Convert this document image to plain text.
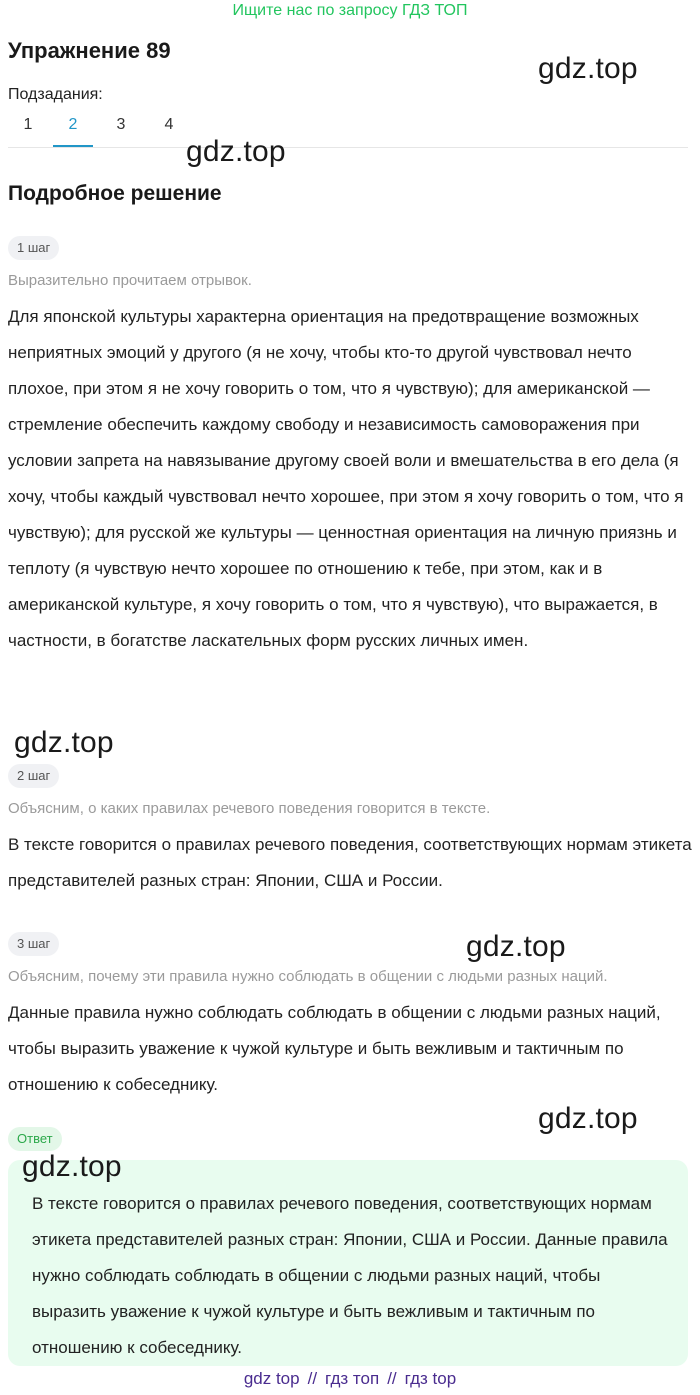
Ищите нас по запросу ГДЗ ТОП
Упражнение 89
gdz.top
Подзадания:
1	2	3	4
gdz.top
Подробное решение
1 шаг
Выразительно прочитаем отрывок.
Для японской культуры характерна ориентация на предотвращение возможных неприятных эмоций у другого (я не хочу, чтобы кто-то другой чувствовал нечто плохое, при этом я не хочу говорить о том, что я чувствую); для американской — стремление обеспечить каждому свободу и независимость самоворажения при условии запрета на навязывание другому своей воли и вмешательства в его дела (я хочу, чтобы каждый чувствовал нечто хорошее, при этом я хочу говорить о том, что я чувствую); для русской же культуры — ценностная ориентация на личную приязнь и теплоту (я чувствую нечто хорошее по отношению к тебе, при этом, как и в американской культуре, я хочу говорить о том, что я чувствую), что выражается, в частности, в богатстве ласкательных форм русских личных имен.
gdz.top
2 шаг
Объясним, о каких правилах речевого поведения говорится в тексте.
В тексте говорится о правилах речевого поведения, соответствующих нормам этикета представителей разных стран: Японии, США и России.
3 шаг	gdz.top
Объясним, почему эти правила нужно соблюдать в общении с людьми разных наций.
Данные правила нужно соблюдать соблюдать в общении с людьми разных наций, чтобы выразить уважение к чужой культуре и быть вежливым и тактичным по отношению к собеседнику.
gdz.top
Ответ
В тексте говорится о правилах речевого поведения, соответствующих нормам этикета представителей разных стран: Японии, США и России. Данные правила нужно соблюдать соблюдать в общении с людьми разных наций, чтобы выразить уважение к чужой культуре и быть вежливым и тактичным по отношению к собеседнику.
gdz.top
gdz top // гдз топ // гдз top
